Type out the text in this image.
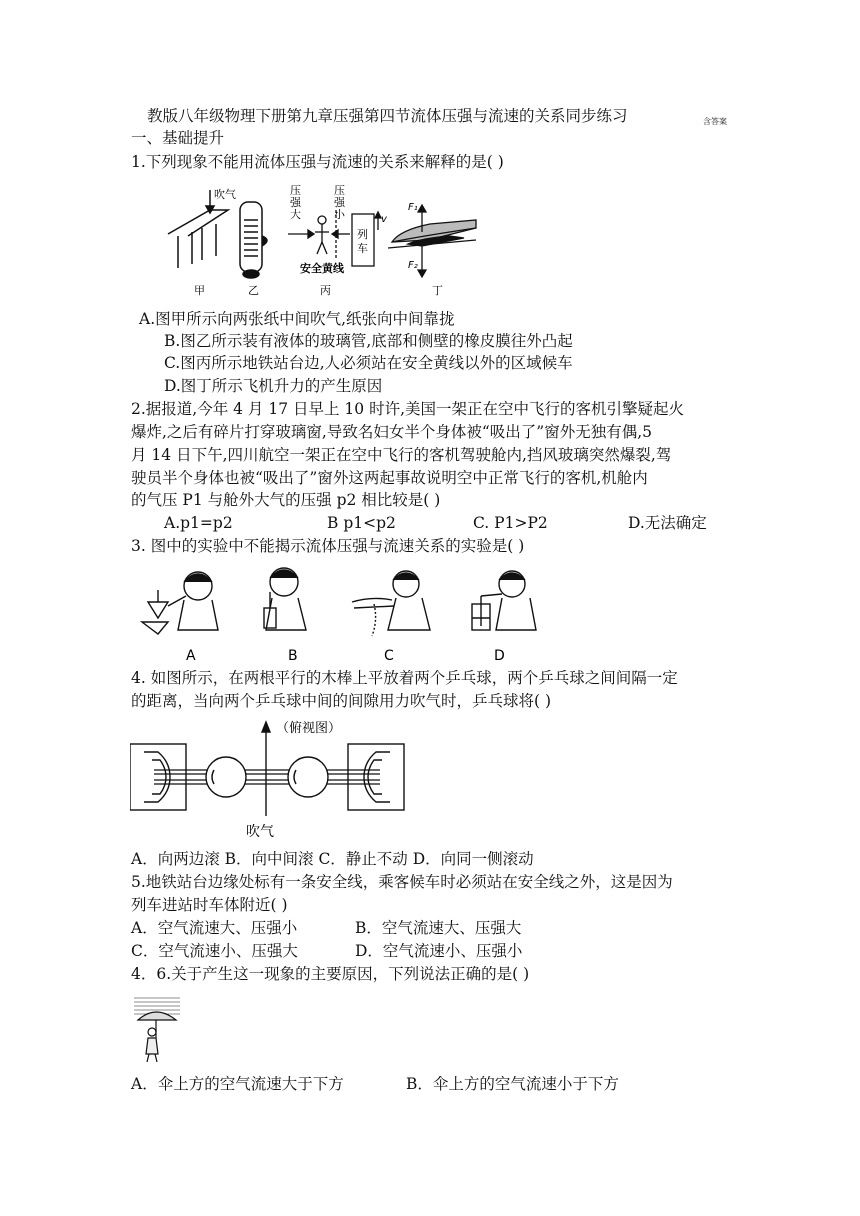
教版八年级物理下册第九章压强第四节流体压强与流速的关系同步练习	含答案
一、基础提升
1.下列现象不能用流体压强与流速的关系来解释的是( )
吹气	压
强
大
压
强
小
列
车
v
安全黄线
F₁
F₂
甲	乙	丙	丁
A.图甲所示向两张纸中间吹气,纸张向中间靠拢
B.图乙所示装有液体的玻璃管,底部和侧壁的橡皮膜往外凸起
C.图丙所示地铁站台边,人必须站在安全黄线以外的区域候车
D.图丁所示飞机升力的产生原因
2.据报道,今年 4 月 17 日早上 10 时许,美国一架正在空中飞行的客机引擎疑起火
爆炸,之后有碎片打穿玻璃窗,导致名妇女半个身体被“吸出了”窗外无独有偶,5
月 14 日下午,四川航空一架正在空中飞行的客机驾驶舱内,挡风玻璃突然爆裂,驾
驶员半个身体也被“吸出了”窗外这两起事故说明空中正常飞行的客机,机舱内
的气压 P1 与舱外大气的压强 p2 相比较是( )
A.p1=p2	B p1<p2	C. P1>P2	D.无法确定
3. 图中的实验中不能揭示流体压强与流速关系的实验是( )
A	B	C	D
4. 如图所示，在两根平行的木棒上平放着两个乒乓球，两个乒乓球之间间隔一定
的距离，当向两个乒乓球中间的间隙用力吹气时，乒乓球将( )
（俯视图）
吹气
A．向两边滚 B．向中间滚 C．静止不动 D．向同一侧滚动
5.地铁站台边缘处标有一条安全线，乘客候车时必须站在安全线之外，这是因为
列车进站时车体附近( )
A．空气流速大、压强小	B．空气流速大、压强大
C．空气流速小、压强大	D．空气流速小、压强小
4．6.关于产生这一现象的主要原因，下列说法正确的是( )
A．伞上方的空气流速大于下方	B．伞上方的空气流速小于下方
